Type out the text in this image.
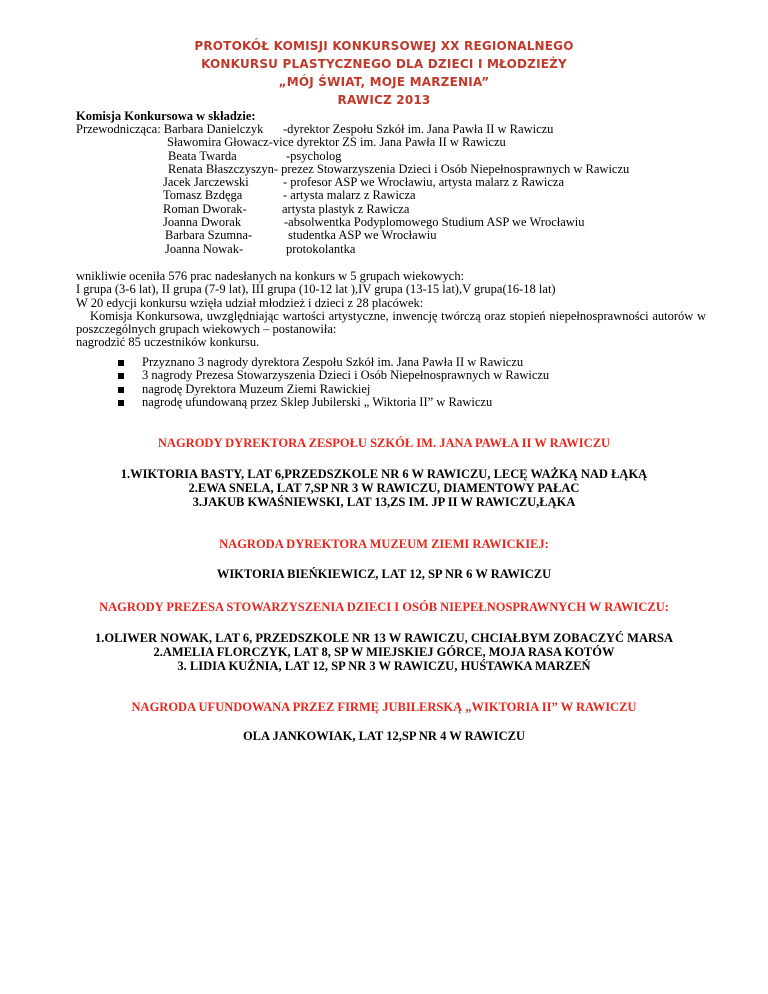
PROTOKÓŁ KOMISJI KONKURSOWEJ XX REGIONALNEGO
KONKURSU PLASTYCZNEGO DLA DZIECI I MŁODZIEŻY
„MÓJ ŚWIAT, MOJE MARZENIA”
RAWICZ 2013
Komisja Konkursowa w składzie:
Przewodnicząca: Barbara Danielczyk -dyrektor Zespołu Szkół im. Jana Pawła II w Rawiczu
Sławomira Głowacz-vice dyrektor ZS im. Jana Pawła II w Rawiczu
Beata Twarda	-psycholog
Renata Błaszczyszyn- prezez Stowarzyszenia Dzieci i Osób Niepełnosprawnych w Rawiczu
Jacek Jarczewski	- profesor ASP we Wrocławiu, artysta malarz z Rawicza
Tomasz Bzdęga	- artysta malarz z Rawicza
Roman Dworak-	artysta plastyk z Rawicza
Joanna Dworak	-absolwentka Podyplomowego Studium ASP we Wrocławiu
Barbara Szumna-	studentka ASP we Wrocławiu
Joanna Nowak-	protokolantka
wnikliwie oceniła 576 prac nadesłanych na konkurs w 5 grupach wiekowych:
I grupa (3-6 lat), II grupa (7-9 lat), III grupa (10-12 lat ),IV grupa (13-15 lat),V grupa(16-18 lat)
W 20 edycji konkursu wzięła udział młodzież i dzieci z 28 placówek:
Komisja Konkursowa, uwzględniając wartości artystyczne, inwencję twórczą oraz stopień niepełnosprawności autorów w poszczególnych grupach wiekowych – postanowiła:
nagrodzić 85 uczestników konkursu.
Przyznano 3 nagrody dyrektora Zespołu Szkół im. Jana Pawła II w Rawiczu
3 nagrody Prezesa Stowarzyszenia Dzieci i Osób Niepełnosprawnych w Rawiczu
nagrodę Dyrektora Muzeum Ziemi Rawickiej
nagrodę ufundowaną przez Sklep Jubilerski „ Wiktoria II” w Rawiczu
NAGRODY DYREKTORA ZESPOŁU SZKÓŁ IM. JANA PAWŁA II W RAWICZU
1.WIKTORIA BASTY, LAT 6,PRZEDSZKOLE NR 6 W RAWICZU, LECĘ WAŻKĄ NAD ŁĄKĄ
2.EWA SNELA, LAT 7,SP NR 3 W RAWICZU, DIAMENTOWY PAŁAC
3.JAKUB KWAŚNIEWSKI, LAT 13,ZS IM. JP II W RAWICZU,ŁĄKA
NAGRODA DYREKTORA MUZEUM ZIEMI RAWICKIEJ:
WIKTORIA BIEŃKIEWICZ, LAT 12, SP NR 6 W RAWICZU
NAGRODY PREZESA STOWARZYSZENIA DZIECI I OSÓB NIEPEŁNOSPRAWNYCH W RAWICZU:
1.OLIWER NOWAK, LAT 6, PRZEDSZKOLE NR 13 W RAWICZU, CHCIAŁBYM ZOBACZYĆ MARSA
2.AMELIA FLORCZYK, LAT 8, SP W MIEJSKIEJ GÓRCE, MOJA RASA KOTÓW
3. LIDIA KUŹNIA, LAT 12, SP NR 3 W RAWICZU, HUŚTAWKA MARZEŃ
NAGRODA UFUNDOWANA PRZEZ FIRMĘ JUBILERSKĄ „WIKTORIA II” W RAWICZU
OLA JANKOWIAK, LAT 12,SP NR 4 W RAWICZU
